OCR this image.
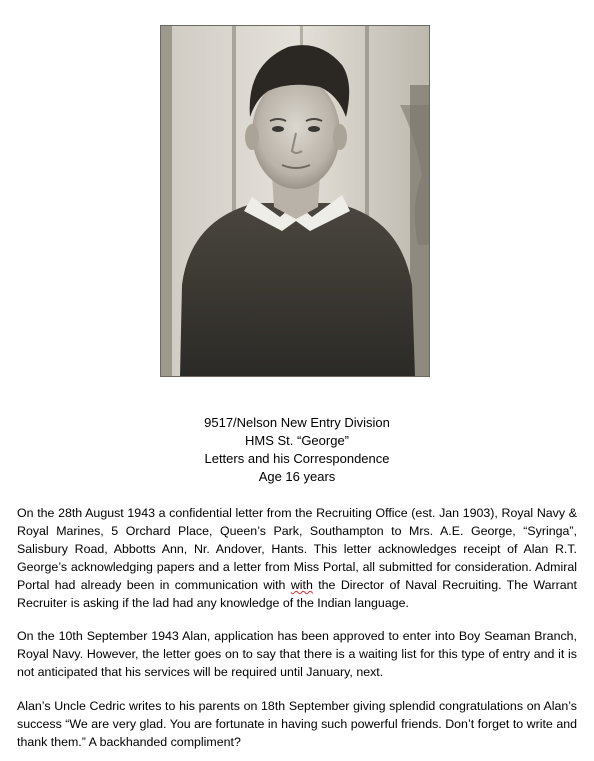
9517/Nelson New Entry Division
HMS St. “George”
Letters and his Correspondence
Age 16 years

On the 28th August 1943 a confidential letter from the Recruiting Office (est. Jan 1903), Royal Navy & Royal Marines, 5 Orchard Place, Queen’s Park, Southampton to Mrs. A.E. George, “Syringa”, Salisbury Road, Abbotts Ann, Nr. Andover, Hants. This letter acknowledges receipt of Alan R.T. George’s acknowledging papers and a letter from Miss Portal, all submitted for consideration. Admiral Portal had already been in communication with with the Director of Naval Recruiting. The Warrant Recruiter is asking if the lad had any knowledge of the Indian language.

On the 10th September 1943 Alan, application has been approved to enter into Boy Seaman Branch, Royal Navy. However, the letter goes on to say that there is a waiting list for this type of entry and it is not anticipated that his services will be required until January, next.

Alan’s Uncle Cedric writes to his parents on 18th September giving splendid congratulations on Alan’s success “We are very glad. You are fortunate in having such powerful friends. Don’t forget to write and thank them.” A backhanded compliment?
